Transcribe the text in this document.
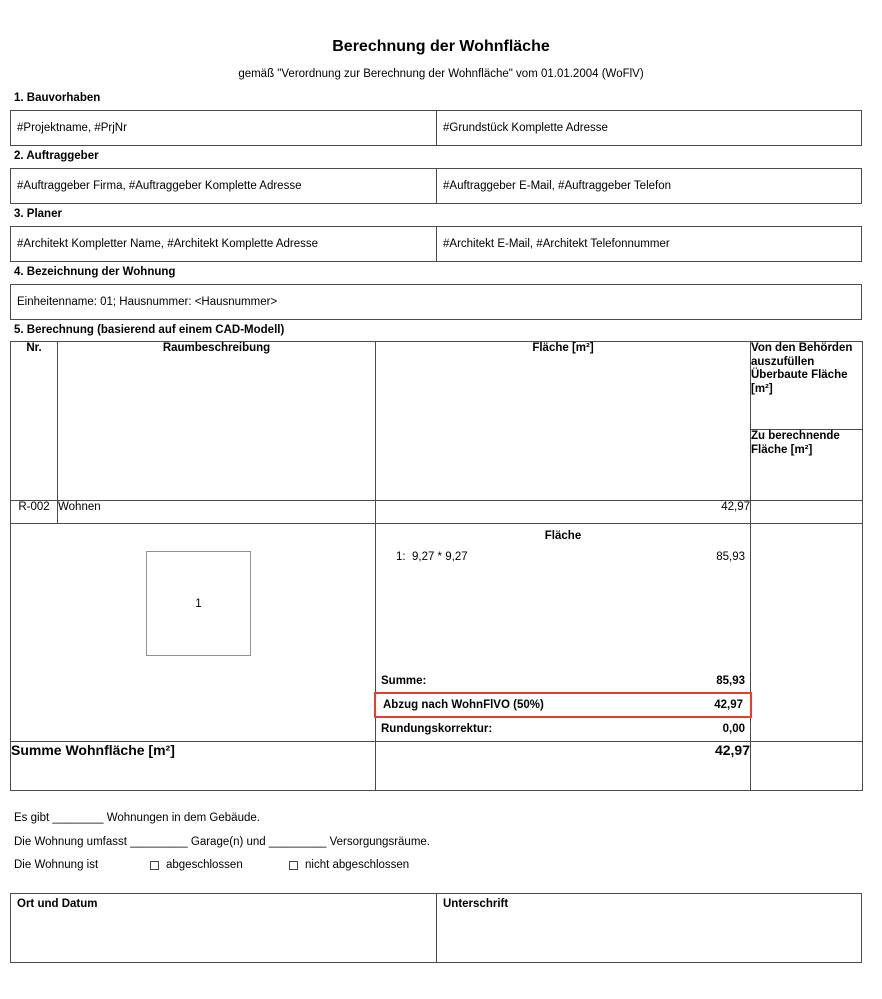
Berechnung der Wohnfläche
gemäß "Verordnung zur Berechnung der Wohnfläche" vom 01.01.2004 (WoFlV)
1. Bauvorhaben
#Projektname, #PrjNr	#Grundstück Komplette Adresse
2. Auftraggeber
#Auftraggeber Firma, #Auftraggeber Komplette Adresse	#Auftraggeber E-Mail, #Auftraggeber Telefon
3. Planer
#Architekt Kompletter Name, #Architekt Komplette Adresse	#Architekt E-Mail, #Architekt Telefonnummer
4. Bezeichnung der Wohnung
Einheitenname: 01; Hausnummer: <Hausnummer>
5. Berechnung (basierend auf einem CAD-Modell)
Nr.	Raumbeschreibung	Fläche [m²]	Von den Behörden auszufüllen Überbaute Fläche [m²]
			Zu berechnende Fläche [m²]
R-002	Wohnen	42,97	

1

Fläche
1:  9,27 * 9,27	85,93
Summe:	85,93
Abzug nach WohnFlVO (50%)	42,97
Rundungskorrektur:	0,00

Summe Wohnfläche [m²]		42,97	
Es gibt ________ Wohnungen in dem Gebäude.
Die Wohnung umfasst _________ Garage(n) und _________ Versorgungsräume.
Die Wohnung ist	abgeschlossen	nicht abgeschlossen
Ort und Datum	Unterschrift
